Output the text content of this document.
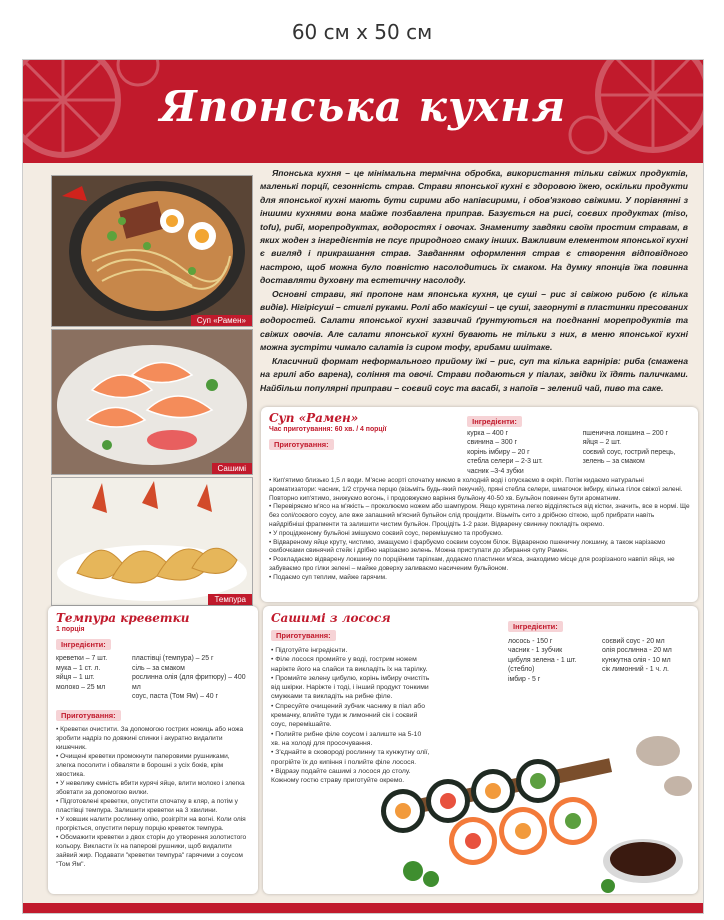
60 см х 50 см
Японська кухня
Суп «Рамен»
Сашимі
Темпура

Японська кухня – це мінімальна термічна обробка, використання тільки свіжих продуктів, маленькі порції, сезонність страв. Страви японської кухні є здоровою їжею, оскільки продукти для японської кухні мають бути сирими або напівсирими, і обов'язково свіжими. У порівнянні з іншими кухнями вона майже позбавлена приправ. Базується на рисі, соєвих продуктах (miso, tofu), рибі, морепродуктах, водоростях і овочах. Знамениту завдяки своїм простим стравам, в яких жоден з інгредієнтів не псує природного смаку інших. Важливим елементом японської кухні є вигляд і прикрашання страв. Завданням оформлення страв є створення відповідного настрою, щоб можна було повністю насолодитись їх смаком. На думку японців їжа повинна доставляти духовну та естетичну насолоду.

Основні страви, які пропоне нам японська кухня, це суші – рис зі свіжою рибою (є кілька видів). Нігірісуші – стиглі руками. Ролі або макісуші – це суші, загорнуті в пластинки пресованих водоростей. Салати японської кухні зазвичай ґрунтуються на поєднанні морепродуктів та свіжих овочів. Але салати японської кухні бувають не тільки з них, в меню японської кухні можна зустріти чимало салатів із сиром тофу, грибами шиітаке.

Класичний формат неформального прийому їжі – рис, суп та кілька гарнірів: риба (смажена на грилі або варена), соління та овочі. Страви подаються у піалах, звідки їх їдять паличками. Найбільш популярні приправи – соєвий соус та васабі, з напоїв – зелений чай, пиво та саке.

Суп «Рамен»
Час приготування: 60 хв. / 4 порції
Приготування:
Інгредієнти:
курка – 400 г
свинина – 300 г
корінь імбиру – 20 г
стебла селери – 2-3 шт.
часник –3-4 зубки
пшенична локшина – 200 г
яйця – 2 шт.
соєвий соус, гострий перець,
зелень – за смаком

• Кип'ятимо близько 1,5 л води. М'ясне асорті спочатку миємо в холодній воді і опускаємо в окріп. Потім кидаємо натуральні ароматизатори: часник, 1/2 стручка перцю (візьміть будь-який пекучий), пряні стебла селери, шматочок імбиру, кілька гілок свіжої зелені. Повторно кип'ятимо, знижуємо вогонь, і продовжуємо варіння бульйону 40-50 хв. Бульйон повинен бути ароматним.

• Перевіряємо м'ясо на м'якість – проколюємо ножем або шампуром. Якщо курятина легко відділяється від кістки, значить, все в нормі. Ще без солі/соєвого соусу, але вже запашний м'ясний бульйон слід процідити. Візьміть сито з дрібною сіткою, щоб прибрати навіть найдрібніші фрагменти та залишити чистим бульйон. Процідіть 1-2 рази. Відварену свинину покладіть окремо.

• У процідженому бульйоні змішуємо соєвий соус, перемішуємо та пробуємо.

• Відвареному яйце круту, чистимо, змащуємо і фарбуємо соєвим соусом білок. Відвареною пшеничну локшину, а також нарізаємо скибочками свинячий стейк і дрібно нарізаємо зелень. Можна приступати до збирання супу Рамен.

• Розкладаємо відварену локшину по порційним тарілкам, додаємо пластинки м'яса, знаходимо місце для розрізаного навпіл яйця, не забуваємо про гілки зелені – майже доверху заливаємо насиченим бульйоном.

• Подаємо суп теплим, майже гарячим.

Темпура креветки
1 порція
Інгредієнти:
креветки – 7 шт.
мука – 1 ст. л.
яйця – 1 шт.
молоко – 25 мл
пластівці (темпура) – 25 г
сіль – за смаком
рослинна олія (для фритюру) – 400 мл
соус, паста (Том Ям) – 40 г
Приготування:

• Креветки очистити. За допомогою гострих ножиць або ножа зробити надріз по довжині спинки і акуратно видалити кишечник.

• Очищені креветки промокнути паперовими рушниками, злегка посолити і обваляти в борошні з усіх боків, крім хвостика.

• У невелику ємність вбити курячі яйце, влити молоко і злегка збовтати за допомогою вилки.

• Підготовлені креветки, опустити спочатку в кляр, а потім у пластівці темпура. Залишити креветки на 3 хвилини.

• У ковшик налити рослинну олію, розігріти на вогні. Коли олія прогріється, опустити першу порцію креветок темпура.

• Обсмажити креветки з двох сторін до утворення золотистого кольору. Викласти їх на паперові рушники, щоб видалити зайвий жир. Подавати "креветки темпура" гарячими з соусом "Том Ям".

Сашимі з лосося
Приготування:

• Підготуйте інгредієнти.

• Філе лосося промийте у воді, гострим ножем наріжте його на слайси та викладіть їх на тарілку.

• Промийте зелену цибулю, корінь імбиру очистіть від шкірки. Наріжте і тоді, і інший продукт тонкими смужками та викладіть на рибне філе.

• Спресуйте очищений зубчик часнику в піал або кремачку, влийте туди ж лимонний сік і соєвий соус, перемішайте.

• Полийте рибне філе соусом і залиште на 5-10 хв. на холоді для просочування.

• З'єднайте в сковороді рослинну та кунжутну олії, прогрійте їх до кипіння і полийте філе лосося.

• Відразу подайте сашимі з лосося до столу. Кожному гостю страву приготуйте окремо.

Інгредієнти:
лосось - 150 г
часник - 1 зубчик
цибуля зелена - 1 шт. (стебло)
імбир - 5 г
соєвий соус - 20 мл
олія рослинна - 20 мл
кунжутна олія - 10 мл
сік лимонний - 1 ч. л.
